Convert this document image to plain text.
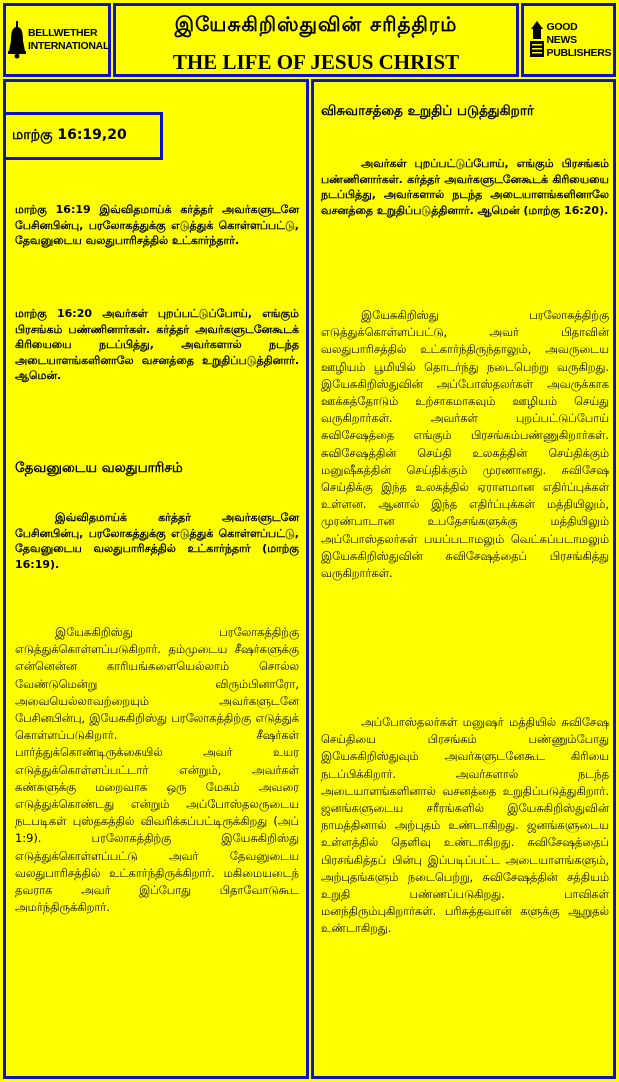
BELLWETHER INTERNATIONAL
இயேசுகிறிஸ்துவின் சரித்திரம்
THE LIFE OF JESUS CHRIST
GOOD NEWS PUBLISHERS
மாற்கு 16:19,20
மாற்கு 16:19 இவ்விதமாய்க் கர்த்தர் அவர்களுடனே பேசினபின்பு, பரலோகத்துக்கு எடுத்துக் கொள்ளப்பட்டு, தேவனுடைய வலதுபாரிசத்தில் உட்கார்ந்தார்.
மாற்கு 16:20 அவர்கள் புறப்பட்டுப்போய், எங்கும் பிரசங்கம் பண்ணினார்கள். கர்த்தர் அவர்களுடனேகூடக் கிரியையை நடப்பித்து, அவர்களால் நடந்த அடையாளங்களினாலே வசனத்தை உறுதிப்படுத்தினார். ஆமென்.
தேவனுடைய வலதுபாரிசம்
இவ்விதமாய்க் கர்த்தர் அவர்களுடனே பேசினபின்பு, பரலோகத்துக்கு எடுத்துக் கொள்ளப்பட்டு, தேவனுடைய வலதுபாரிசத்தில் உட்கார்ந்தார் (மாற்கு 16:19).
இயேசுகிறிஸ்து பரலோகத்திற்கு எடுத்துக்கொள்ளப்படுகிறார். தம்முடைய சீஷர்களுக்கு என்னென்ன காரியங்களையெல்லாம் சொல்ல வேண்டுமென்று விரும்பினாரோ, அவையெல்லாவற்றையும் அவர்களுடனே பேசினபின்பு, இயேசுகிறிஸ்து பரலோகத்திற்கு எடுத்துக் கொள்ளப்படுகிறார். சீஷர்கள் பார்த்துக்கொண்டிருக்கையில் அவர் உயர எடுத்துக்கொள்ளப்பட்டார் என்றும், அவர்கள் கண்களுக்கு மறைவாக ஒரு மேகம் அவரை எடுத்துக்கொண்டது என்றும் அப்போஸ்தலருடைய நடபடிகள் புஸ்தகத்தில் விவரிக்கப்பட்டிருக்கிறது (அப் 1:9). பரலோகத்திற்கு இயேசுகிறிஸ்து எடுத்துக்கொள்ளப்பட்டு அவர் தேவனுடைய வலதுபாரிசத்தில் உட்கார்ந்திருக்கிறார். மகிமையடைந் தவராக அவர் இப்போது பிதாவோடுகூட அமர்ந்திருக்கிறார்.
விசுவாசத்தை உறுதிப் படுத்துகிறார்
அவர்கள் புறப்பட்டுப்போய், எங்கும் பிரசங்கம் பண்ணினார்கள். கர்த்தர் அவர்களுடனேகூடக் கிரியையை நடப்பித்து, அவர்களால் நடந்த அடையாளங்களினாலே வசனத்தை உறுதிப்படுத்தினார். ஆமென் (மாற்கு 16:20).
இயேசுகிறிஸ்து பரலோகத்திற்கு எடுத்துக்கொள்ளப்பட்டு, அவர் பிதாவின் வலதுபாரிசத்தில் உட்கார்ந்திருந்தாலும், அவருடைய ஊழியம் பூமியில் தொடர்ந்து நடைபெற்று வருகிறது. இயேசுகிறிஸ்துவின் அப்போஸ்தலர்கள் அவருக்காக ஊக்கத்தோடும் உற்சாகமாகவும் ஊழியம் செய்து வருகிறார்கள். அவர்கள் புறப்பட்டுப்போய் சுவிசேஷத்தை எங்கும் பிரசங்கம்பண்ணுகிறார்கள். சுவிசேஷத்தின் செய்தி உலகத்தின் செய்திக்கும் மனுஷீகத்தின் செய்திக்கும் முரணானது. சுவிசேஷ செய்திக்கு இந்த உலகத்தில் ஏராளமான எதிர்ப்புக்கள் உள்ளன. ஆனால் இந்த எதிர்ப்புக்கள் மத்தியிலும், முரண்பாடான உபதேசங்களுக்கு மத்தியிலும் அப்போஸ்தலர்கள் பயப்படாமலும் வெட்கப்படாமலும் இயேசுகிறிஸ்துவின் சுவிசேஷத்தைப் பிரசங்கித்து வருகிறார்கள்.
அப்போஸ்தலர்கள் மனுஷர் மத்தியில் சுவிசேஷ செய்தியை பிரசங்கம் பண்ணும்போது இயேசுகிறிஸ்துவும் அவர்களுடனேகூட கிரியை நடப்பிக்கிறார். அவர்களால் நடந்த அடையாளங்களினால் வசனத்தை உறுதிப்படுத்துகிறார். ஜனங்களுடைய சரீரங்களில் இயேசுகிறிஸ்துவின் நாமத்தினால் அற்புதம் உண்டாகிறது. ஜனங்களுடைய உள்ளத்தில் தெளிவு உண்டாகிறது. சுவிசேஷத்தைப் பிரசங்கித்தப் பின்பு இப்படிப்பட்ட அடையாளங்களும், அற்புதங்களும் நடைபெற்று, சுவிசேஷத்தின் சத்தியம் உறுதி பண்ணப்படுகிறது. பாவிகள் மனந்திரும்புகிறார்கள். பரிசுத்தவான் களுக்கு ஆறுதல் உண்டாகிறது.
